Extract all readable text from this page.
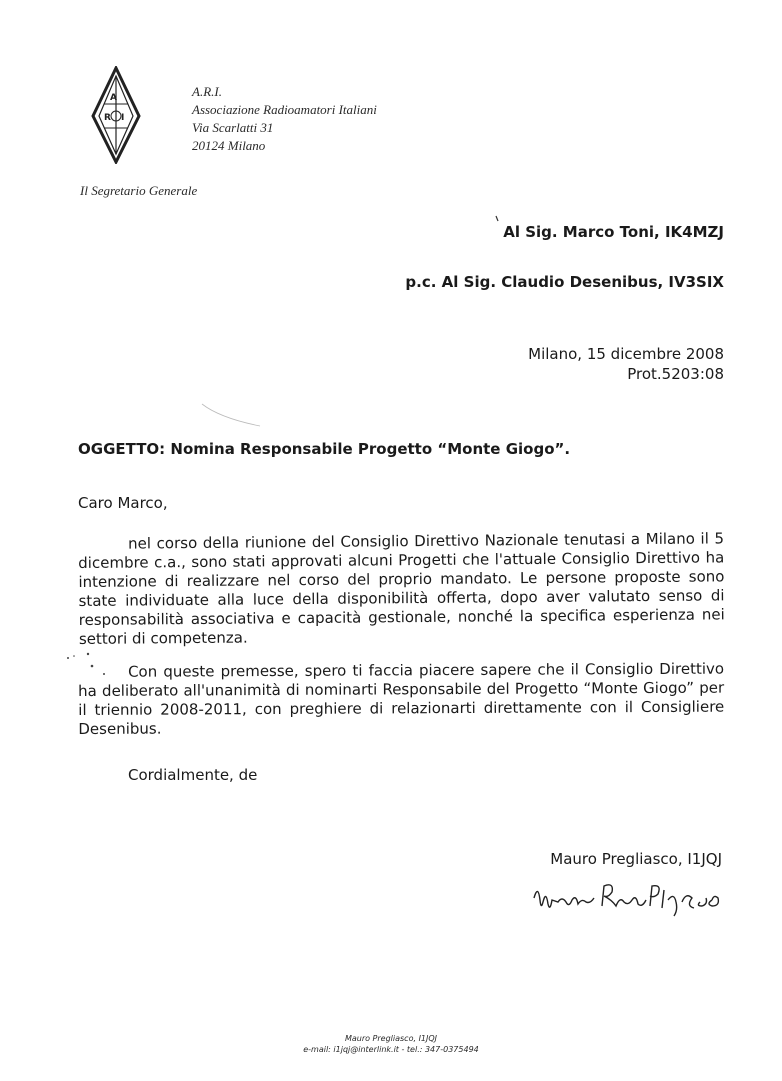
A
R I
A.R.I.
Associazione Radioamatori Italiani
Via Scarlatti 31
20124 Milano
Il Segretario Generale
Al Sig. Marco Toni, IK4MZJ
p.c. Al Sig. Claudio Desenibus, IV3SIX
Milano, 15 dicembre 2008
Prot.5203:08
OGGETTO: Nomina Responsabile Progetto “Monte Giogo”.
Caro Marco,
nel corso della riunione del Consiglio Direttivo Nazionale tenutasi a Milano il 5 dicembre c.a., sono stati approvati alcuni Progetti che l'attuale Consiglio Direttivo ha intenzione di realizzare nel corso del proprio mandato. Le persone proposte sono state individuate alla luce della disponibilità offerta, dopo aver valutato senso di responsabilità associativa e capacità gestionale, nonché la specifica esperienza nei settori di competenza.
Con queste premesse, spero ti faccia piacere sapere che il Consiglio Direttivo ha deliberato all'unanimità di nominarti Responsabile del Progetto “Monte Giogo” per il triennio 2008-2011, con preghiere di relazionarti direttamente con il Consigliere Desenibus.
Cordialmente, de
Mauro Pregliasco, I1JQJ
Mauro Pregliasco, I1JQJ
e-mail: i1jqj@interlink.it - tel.: 347-0375494
